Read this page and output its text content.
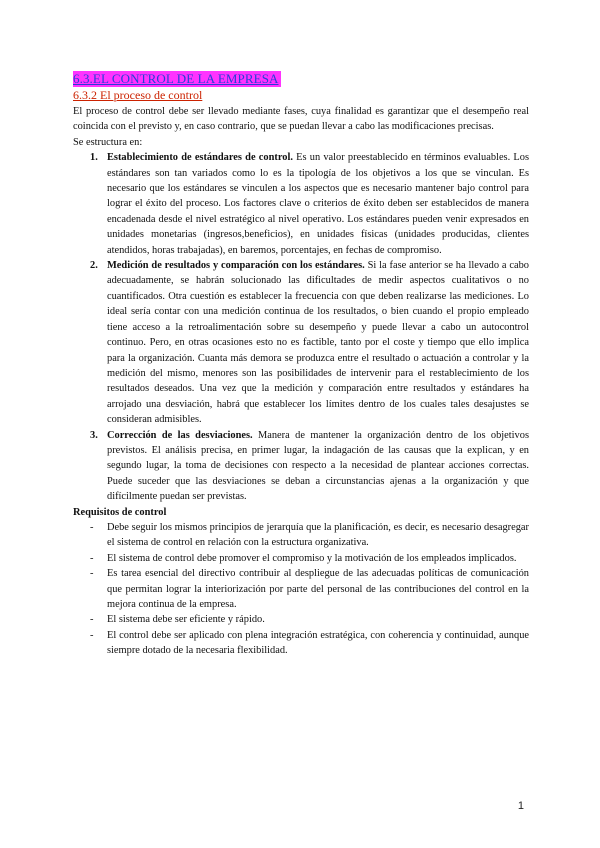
6.3.EL CONTROL DE LA EMPRESA
6.3.2 El proceso de control

El proceso de control debe ser llevado mediante fases, cuya finalidad es garantizar que el desempeño real coincida con el previsto y, en caso contrario, que se puedan llevar a cabo las modificaciones precisas.

Se estructura en:

1. Establecimiento de estándares de control. Es un valor preestablecido en términos evaluables. Los estándares son tan variados como lo es la tipología de los objetivos a los que se vinculan. Es necesario que los estándares se vinculen a los aspectos que es necesario mantener bajo control para lograr el éxito del proceso. Los factores clave o criterios de éxito deben ser establecidos de manera encadenada desde el nivel estratégico al nivel operativo. Los estándares pueden venir expresados en unidades monetarias (ingresos,beneficios), en unidades físicas (unidades producidas, clientes atendidos, horas trabajadas), en baremos, porcentajes, en fechas de compromiso.
2. Medición de resultados y comparación con los estándares. Si la fase anterior se ha llevado a cabo adecuadamente, se habrán solucionado las dificultades de medir aspectos cualitativos o no cuantificados. Otra cuestión es establecer la frecuencia con que deben realizarse las mediciones. Lo ideal sería contar con una medición continua de los resultados, o bien cuando el propio empleado tiene acceso a la retroalimentación sobre su desempeño y puede llevar a cabo un autocontrol continuo. Pero, en otras ocasiones esto no es factible, tanto por el coste y tiempo que ello implica para la organización. Cuanta más demora se produzca entre el resultado o actuación a controlar y la medición del mismo, menores son las posibilidades de intervenir para el restablecimiento de los resultados deseados. Una vez que la medición y comparación entre resultados y estándares ha arrojado una desviación, habrá que establecer los límites dentro de los cuales tales desajustes se consideran admisibles.
3. Corrección de las desviaciones. Manera de mantener la organización dentro de los objetivos previstos. El análisis precisa, en primer lugar, la indagación de las causas que la explican, y en segundo lugar, la toma de decisiones con respecto a la necesidad de plantear acciones correctas. Puede suceder que las desviaciones se deban a circunstancias ajenas a la organización y que difícilmente puedan ser previstas.
Requisitos de control
- Debe seguir los mismos principios de jerarquía que la planificación, es decir, es necesario desagregar el sistema de control en relación con la estructura organizativa.
- El sistema de control debe promover el compromiso y la motivación de los empleados implicados.
- Es tarea esencial del directivo contribuir al despliegue de las adecuadas políticas de comunicación que permitan lograr la interiorización por parte del personal de las contribuciones del control en la mejora continua de la empresa.
- El sistema debe ser eficiente y rápido.
- El control debe ser aplicado con plena integración estratégica, con coherencia y continuidad, aunque siempre dotado de la necesaria flexibilidad.
1
